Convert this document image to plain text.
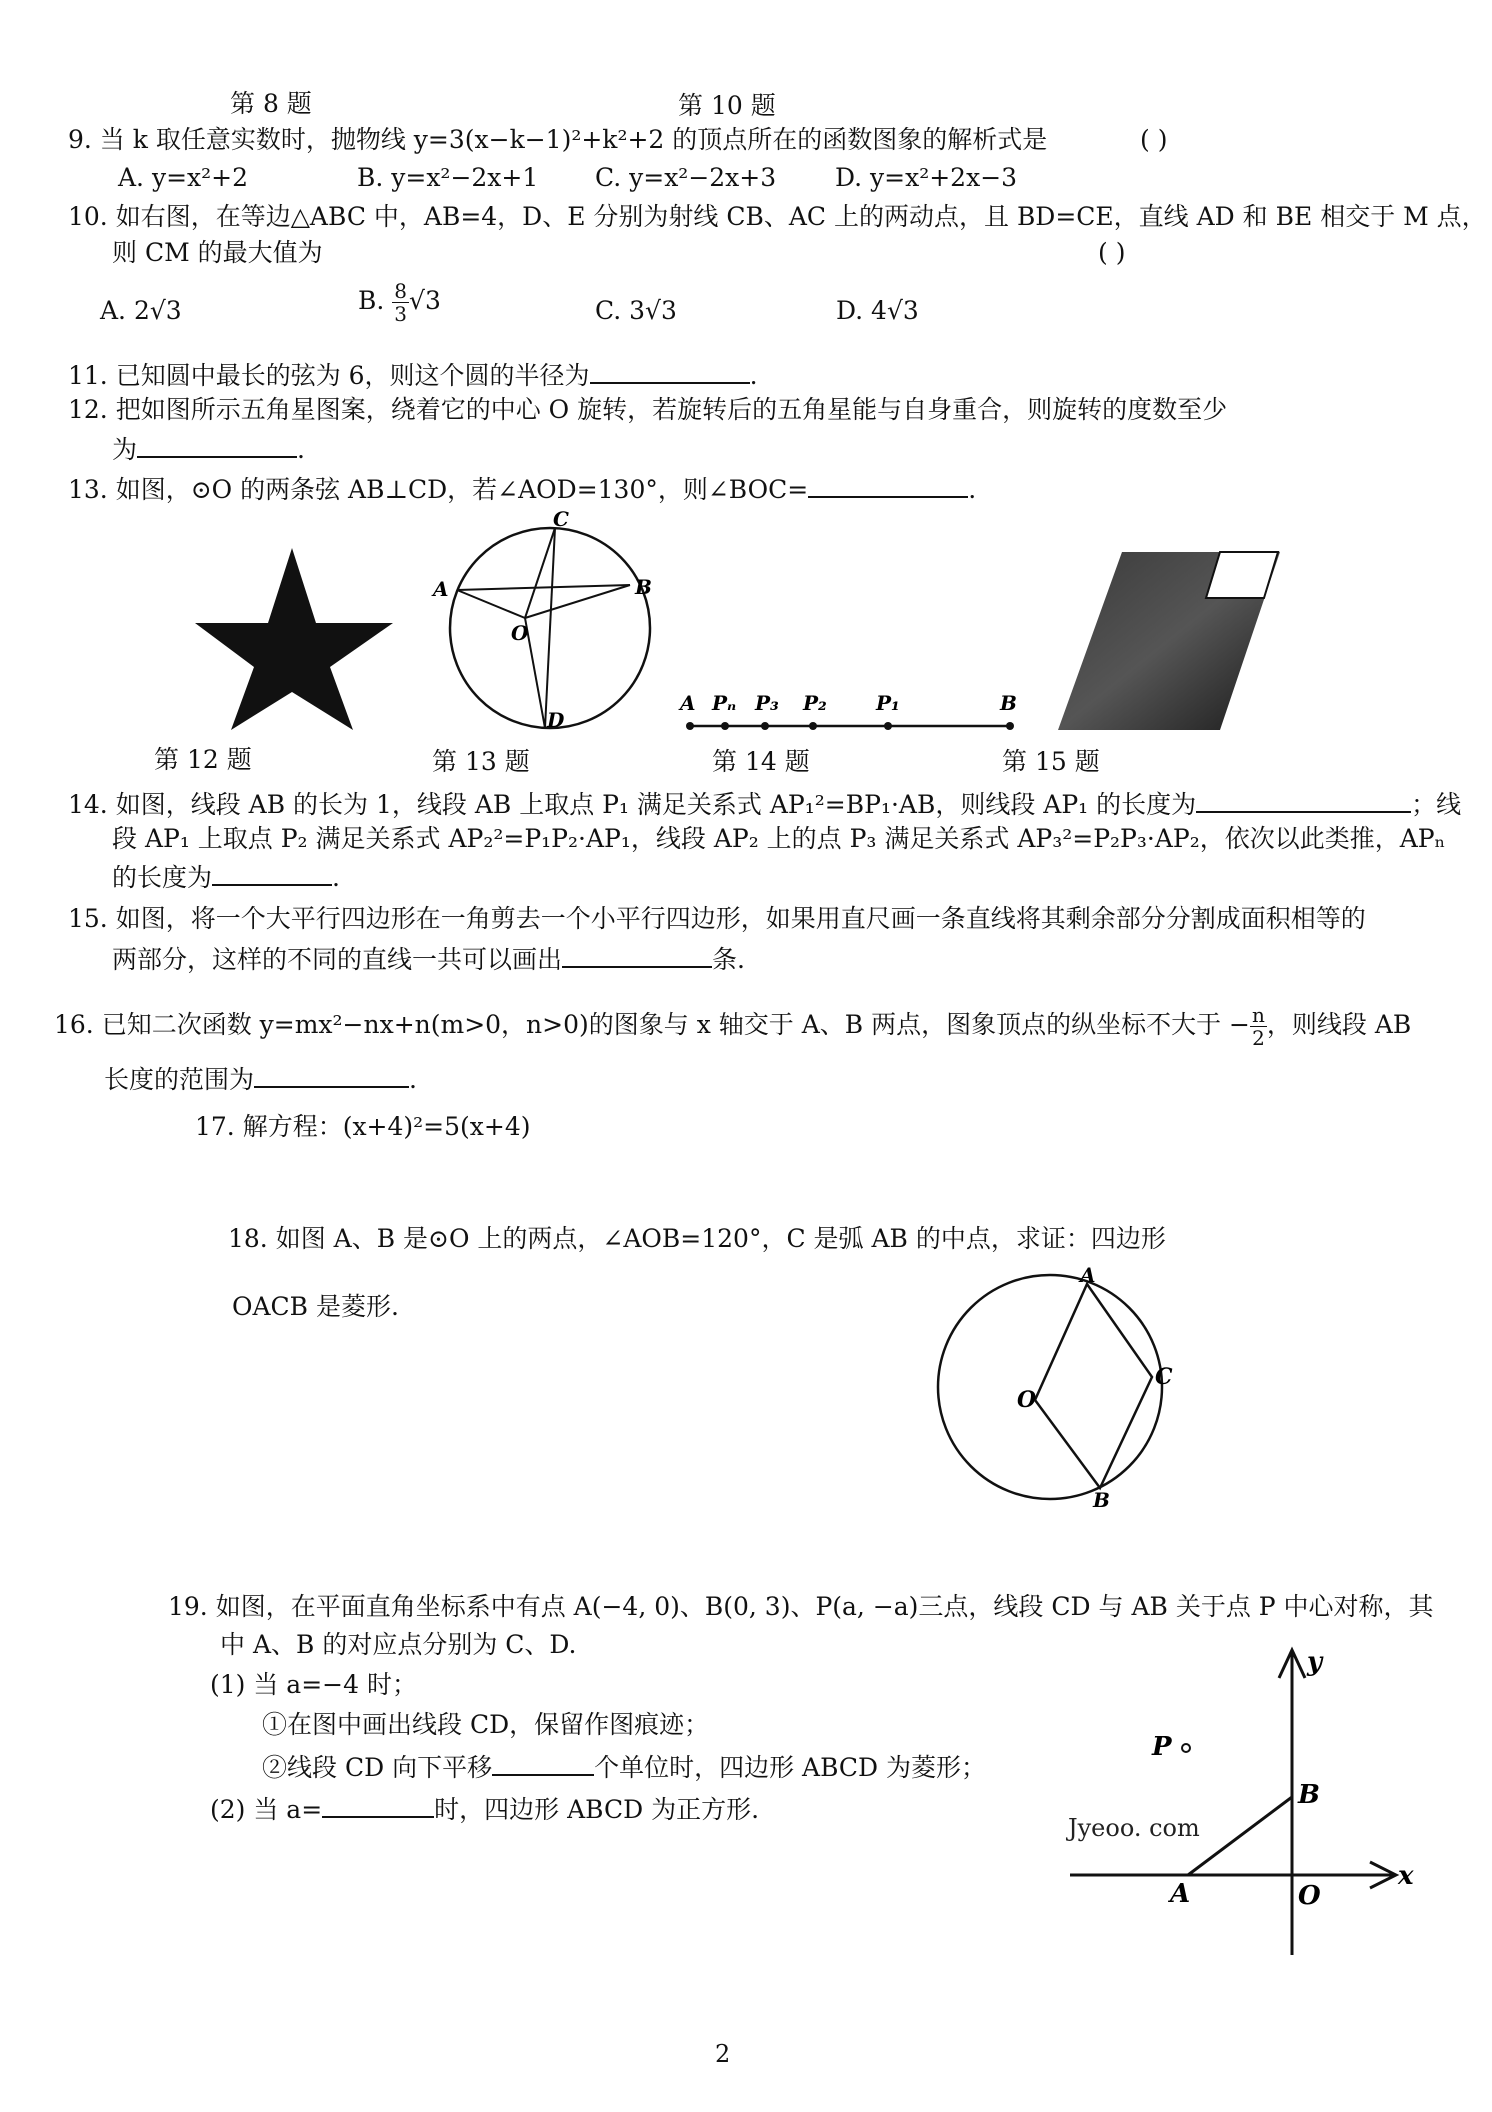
第 8 题	第 10 题
9. 当 k 取任意实数时，抛物线 y=3(x−k−1)²+k²+2 的顶点所在的函数图象的解析式是	( )
A. y=x²+2	B. y=x²−2x+1 C. y=x²−2x+3 D. y=x²+2x−3
10. 如右图，在等边△ABC 中，AB=4，D、E 分别为射线 CB、AC 上的两动点，且 BD=CE，直线 AD 和 BE 相交于 M 点，
则 CM 的最大值为	( )
A. 2√3	B. $\frac{8}{3} √3$	C. 3√3	D. 4√3
11. 已知圆中最长的弦为 6，则这个圆的半径为	.
12. 把如图所示五角星图案，绕着它的中心 O 旋转，若旋转后的五角星能与自身重合，则旋转的度数至少
为	.
13. 如图，⊙O 的两条弦 AB⊥CD，若∠AOD=130°，则∠BOC=	.
C
A	B
O
D
A Pₙ P₃ P₂ P₁	B
第 12 题	第 13 题	第 14 题	第 15 题
14. 如图，线段 AB 的长为 1，线段 AB 上取点 P₁ 满足关系式 AP₁²=BP₁·AB，则线段 AP₁ 的长度为	；线
段 AP₁ 上取点 P₂ 满足关系式 AP₂²=P₁P₂·AP₁，线段 AP₂ 上的点 P₃ 满足关系式 AP₃²=P₂P₃·AP₂，依次以此类推，APₙ
的长度为	.
15. 如图，将一个大平行四边形在一角剪去一个小平行四边形，如果用直尺画一条直线将其剩余部分分割成面积相等的
两部分，这样的不同的直线一共可以画出	条.
16. 已知二次函数 y=mx²−nx+n(m>0，n>0)的图象与 x 轴交于 A、B 两点，图象顶点的纵坐标不大于 − $\frac{n}{2}$ ，则线段 AB
长度的范围为	.
17. 解方程：(x+4)²=5(x+4)
18. 如图 A、B 是⊙O 上的两点，∠AOB=120°，C 是弧 AB 的中点，求证：四边形
OACB 是菱形.
A
O
C
B
19. 如图，在平面直角坐标系中有点 A(−4, 0)、B(0, 3)、P(a, −a)三点，线段 CD 与 AB 关于点 P 中心对称，其
中 A、B 的对应点分别为 C、D.
(1) 当 a=−4 时；
①在图中画出线段 CD，保留作图痕迹；
②线段 CD 向下平移	个单位时，四边形 ABCD 为菱形；
(2) 当 a=	时，四边形 ABCD 为正方形.
y
x
P
B
A	O
Jyeoo. com
2
